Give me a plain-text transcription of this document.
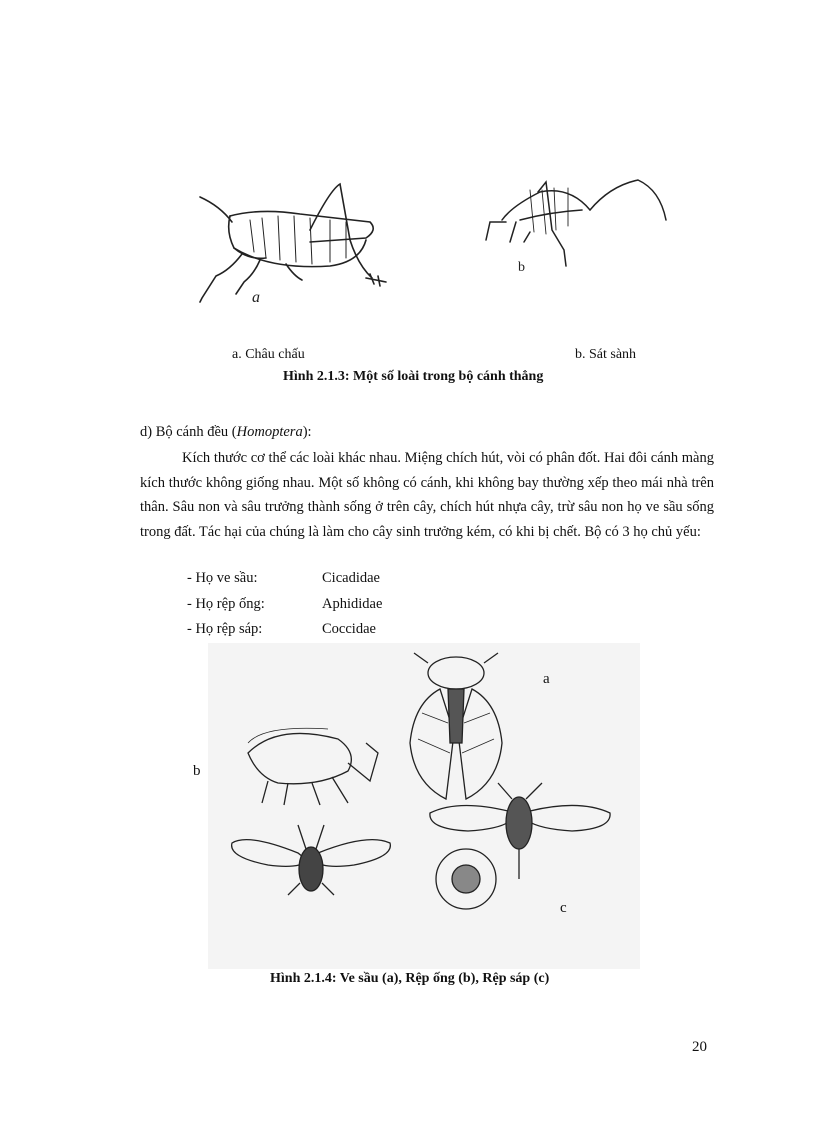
a
b
a. Châu chấu	b. Sát sành
Hình 2.1.3: Một số loài trong bộ cánh thẳng
d) Bộ cánh đều (Homoptera):

Kích thước cơ thể các loài khác nhau. Miệng chích hút, vòi có phân đốt. Hai đôi cánh màng kích thước không giống nhau. Một số không có cánh, khi không bay thường xếp theo mái nhà trên thân. Sâu non và sâu trưởng thành sống ở trên cây, chích hút nhựa cây, trừ sâu non họ ve sầu sống trong đất. Tác hại của chúng là làm cho cây sinh trưởng kém, có khi bị chết. Bộ có 3 họ chủ yếu:

- Họ ve sầu:	Cicadidae
- Họ rệp ống:	Aphididae
- Họ rệp sáp:	Coccidae
a
c
b
Hình 2.1.4: Ve sầu (a), Rệp ống (b), Rệp sáp (c)
20
